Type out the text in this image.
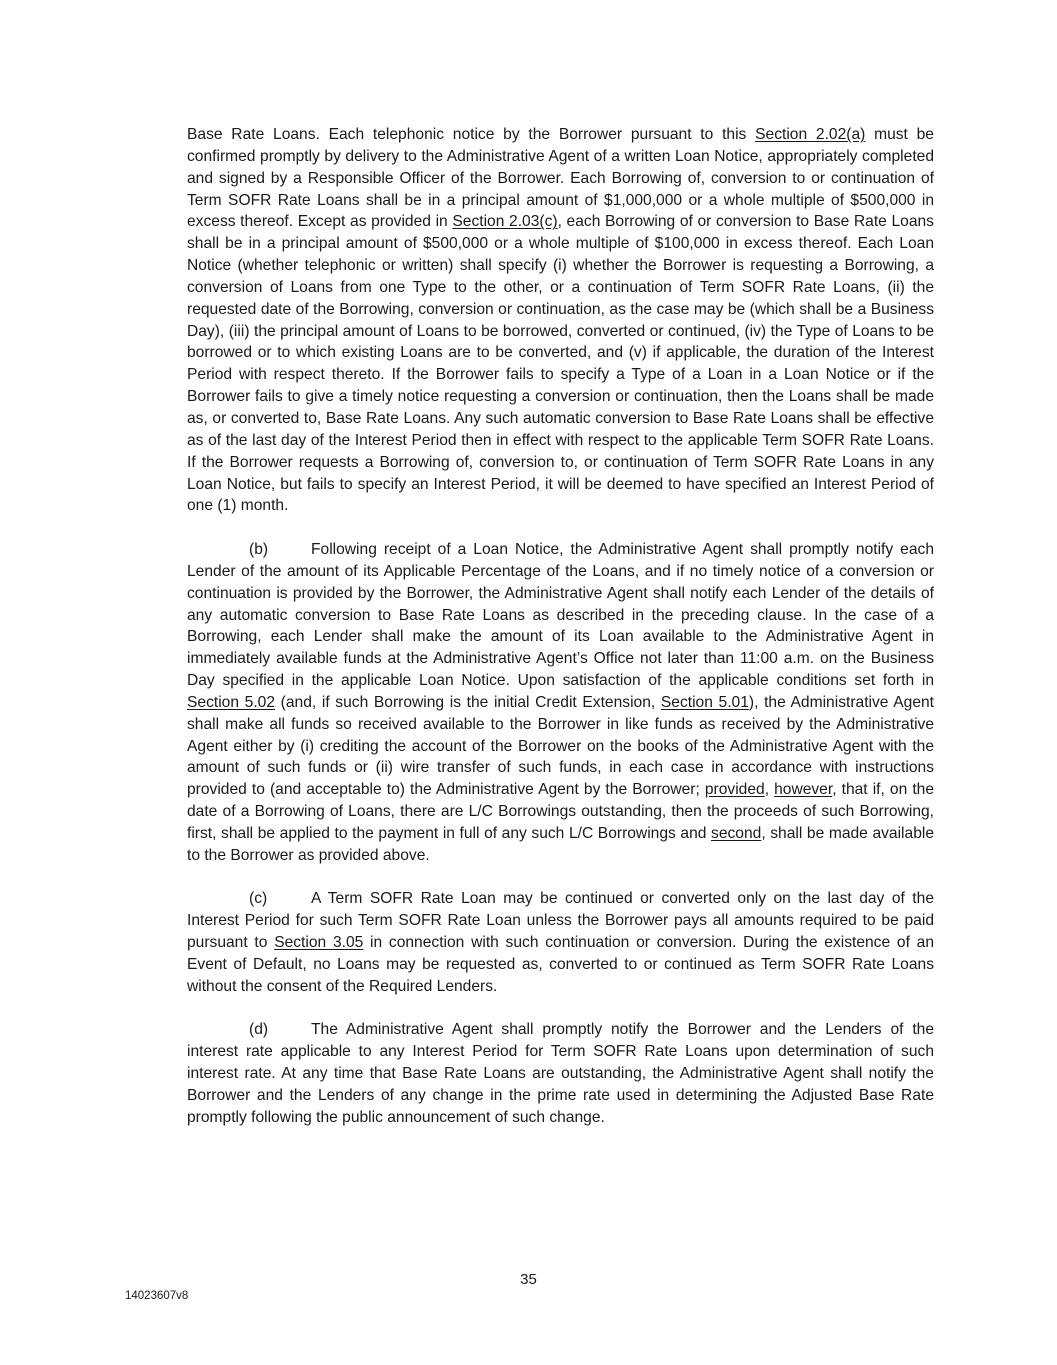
Base Rate Loans. Each telephonic notice by the Borrower pursuant to this Section 2.02(a) must be confirmed promptly by delivery to the Administrative Agent of a written Loan Notice, appropriately completed and signed by a Responsible Officer of the Borrower. Each Borrowing of, conversion to or continuation of Term SOFR Rate Loans shall be in a principal amount of $1,000,000 or a whole multiple of $500,000 in excess thereof. Except as provided in Section 2.03(c), each Borrowing of or conversion to Base Rate Loans shall be in a principal amount of $500,000 or a whole multiple of $100,000 in excess thereof. Each Loan Notice (whether telephonic or written) shall specify (i) whether the Borrower is requesting a Borrowing, a conversion of Loans from one Type to the other, or a continuation of Term SOFR Rate Loans, (ii) the requested date of the Borrowing, conversion or continuation, as the case may be (which shall be a Business Day), (iii) the principal amount of Loans to be borrowed, converted or continued, (iv) the Type of Loans to be borrowed or to which existing Loans are to be converted, and (v) if applicable, the duration of the Interest Period with respect thereto. If the Borrower fails to specify a Type of a Loan in a Loan Notice or if the Borrower fails to give a timely notice requesting a conversion or continuation, then the Loans shall be made as, or converted to, Base Rate Loans. Any such automatic conversion to Base Rate Loans shall be effective as of the last day of the Interest Period then in effect with respect to the applicable Term SOFR Rate Loans. If the Borrower requests a Borrowing of, conversion to, or continuation of Term SOFR Rate Loans in any Loan Notice, but fails to specify an Interest Period, it will be deemed to have specified an Interest Period of one (1) month.

(b)	Following receipt of a Loan Notice, the Administrative Agent shall promptly notify each Lender of the amount of its Applicable Percentage of the Loans, and if no timely notice of a conversion or continuation is provided by the Borrower, the Administrative Agent shall notify each Lender of the details of any automatic conversion to Base Rate Loans as described in the preceding clause. In the case of a Borrowing, each Lender shall make the amount of its Loan available to the Administrative Agent in immediately available funds at the Administrative Agent’s Office not later than 11:00 a.m. on the Business Day specified in the applicable Loan Notice. Upon satisfaction of the applicable conditions set forth in Section 5.02 (and, if such Borrowing is the initial Credit Extension, Section 5.01), the Administrative Agent shall make all funds so received available to the Borrower in like funds as received by the Administrative Agent either by (i) crediting the account of the Borrower on the books of the Administrative Agent with the amount of such funds or (ii) wire transfer of such funds, in each case in accordance with instructions provided to (and acceptable to) the Administrative Agent by the Borrower; provided, however, that if, on the date of a Borrowing of Loans, there are L/C Borrowings outstanding, then the proceeds of such Borrowing, first, shall be applied to the payment in full of any such L/C Borrowings and second, shall be made available to the Borrower as provided above.

(c)	A Term SOFR Rate Loan may be continued or converted only on the last day of the Interest Period for such Term SOFR Rate Loan unless the Borrower pays all amounts required to be paid pursuant to Section 3.05 in connection with such continuation or conversion. During the existence of an Event of Default, no Loans may be requested as, converted to or continued as Term SOFR Rate Loans without the consent of the Required Lenders.

(d)	The Administrative Agent shall promptly notify the Borrower and the Lenders of the interest rate applicable to any Interest Period for Term SOFR Rate Loans upon determination of such interest rate. At any time that Base Rate Loans are outstanding, the Administrative Agent shall notify the Borrower and the Lenders of any change in the prime rate used in determining the Adjusted Base Rate promptly following the public announcement of such change.

35
14023607v8
